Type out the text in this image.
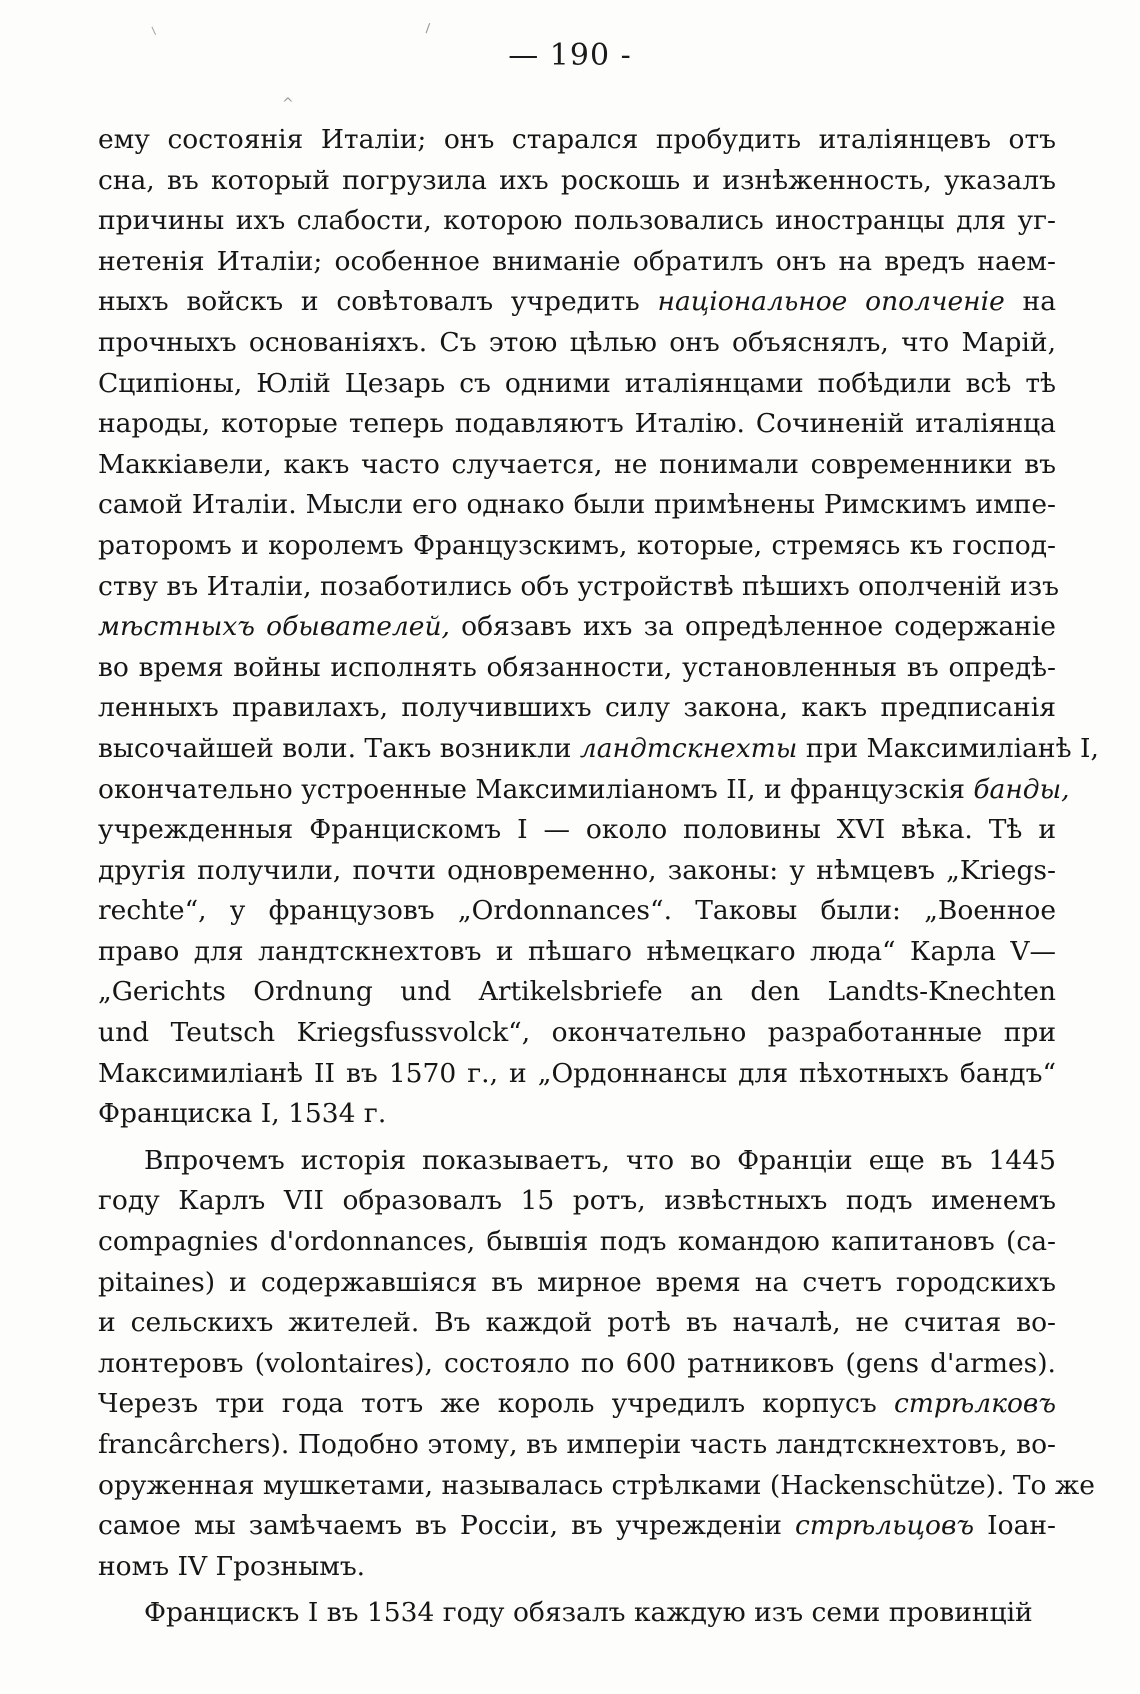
⸌	⸝
^
— 190 -
ему состоянія Италіи; онъ старался пробудить италіянцевъ отъ
сна, въ который погрузила ихъ роскошь и изнѣженность, указалъ
причины ихъ слабости, которою пользовались иностранцы для уг-
нетенія Италіи; особенное вниманіе обратилъ онъ на вредъ наем-
ныхъ войскъ и совѣтовалъ учредить національное ополченіе на
прочныхъ основаніяхъ. Съ этою цѣлью онъ объяснялъ, что Марій,
Сципіоны, Юлій Цезарь съ одними италіянцами побѣдили всѣ тѣ
народы, которые теперь подавляютъ Италію. Сочиненій италіянца
Маккіавели, какъ часто случается, не понимали современники въ
самой Италіи. Мысли его однако были примѣнены Римскимъ импе-
раторомъ и королемъ Французскимъ, которые, стремясь къ господ-
ству въ Италіи, позаботились объ устройствѣ пѣшихъ ополченій изъ
мѣстныхъ обывателей, обязавъ ихъ за опредѣленное содержаніе
во время войны исполнять обязанности, установленныя въ опредѣ-
ленныхъ правилахъ, получившихъ силу закона, какъ предписанія
высочайшей воли. Такъ возникли ландтскнехты при Максимиліанѣ I,
окончательно устроенные Максимиліаномъ II, и французскія банды,
учрежденныя Францискомъ I — около половины XVI вѣка. Тѣ и
другія получили, почти одновременно, законы: у нѣмцевъ „Kriegs-
rechte“, у французовъ „Ordonnances“. Таковы были: „Военное
право для ландтскнехтовъ и пѣшаго нѣмецкаго люда“ Карла V—
„Gerichts Ordnung und Artikelsbriefe an den Landts-Knechten
und Teutsch Kriegsfussvolck“, окончательно разработанные при
Максимиліанѣ II въ 1570 г., и „Ордоннансы для пѣхотныхъ бандъ“
Франциска I, 1534 г.
Впрочемъ исторія показываетъ, что во Франціи еще въ 1445
году Карлъ VII образовалъ 15 ротъ, извѣстныхъ подъ именемъ
compagnies d'ordonnances, бывшія подъ командою капитановъ (ca-
pitaines) и содержавшіяся въ мирное время на счетъ городскихъ
и сельскихъ жителей. Въ каждой ротѣ въ началѣ, не считая во-
лонтеровъ (volontaires), состояло по 600 ратниковъ (gens d'armes).
Черезъ три года тотъ же король учредилъ корпусъ стрѣлковъ
francârchers). Подобно этому, въ имперіи часть ландтскнехтовъ, во-
оруженная мушкетами, называлась стрѣлками (Hackenschütze). То же
самое мы замѣчаемъ въ Россіи, въ учрежденіи стрѣльцовъ Іоан-
номъ IV Грознымъ.
Францискъ I въ 1534 году обязалъ каждую изъ семи провинцій
